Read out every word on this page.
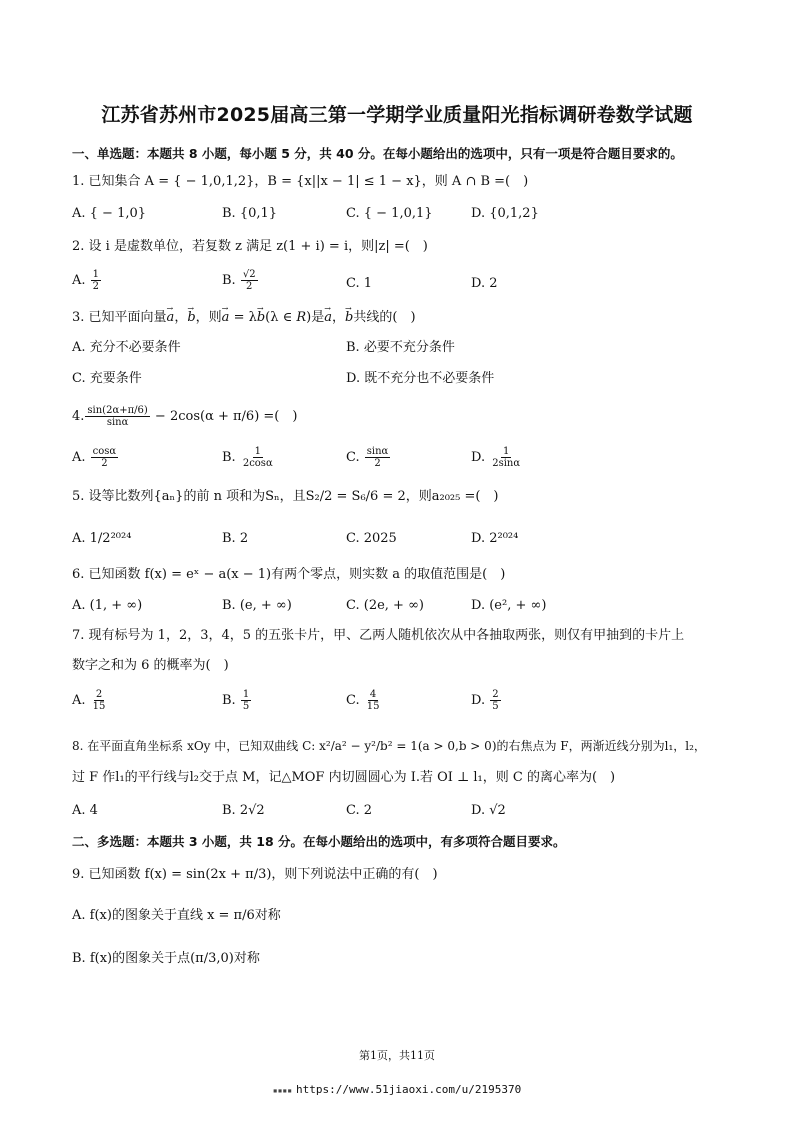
江苏省苏州市2025届高三第一学期学业质量阳光指标调研卷数学试题
一、单选题：本题共 8 小题，每小题 5 分，共 40 分。在每小题给出的选项中，只有一项是符合题目要求的。
1. 已知集合 A = { − 1,0,1,2}，B = {x||x − 1| ≤ 1 − x}，则 A ∩ B =(　)
A. { − 1,0}	B. {0,1}	C. { − 1,0,1}	D. {0,1,2}
2. 设 i 是虚数单位，若复数 z 满足 z(1 + i) = i，则|z| =(　)
A. $\frac{1}{2}$	B. $\frac{√2}{2}$	C. 1	D. 2
3. 已知平面向量→ a，→ b，则→ a = λ→ b(λ ∈ R)是→ a，→ b共线的(　)
A. 充分不必要条件	B. 必要不充分条件
C. 充要条件	D. 既不充分也不必要条件
4. $\frac{\sin(2\alpha+\pi/6)}{\sin\alpha} - 2\cos(\alpha + \pi/6)$ =(　)
A. $\frac{\cos\alpha}{2}$	B. $\frac{1}{2\cos\alpha}$	C. $\frac{\sin\alpha}{2}$	D. $\frac{1}{2\sin\alpha}$
5. 设等比数列{aₙ}的前 n 项和为Sₙ，且S₂/2 = S₆/6 = 2，则a₂₀₂₅ =(　)
A. 1/2²⁰²⁴	B. 2	C. 2025	D. 2²⁰²⁴
6. 已知函数 f(x) = eˣ − a(x − 1)有两个零点，则实数 a 的取值范围是(　)
A. (1, + ∞)	B. (e, + ∞)	C. (2e, + ∞)	D. (e², + ∞)
7. 现有标号为 1，2，3，4，5 的五张卡片，甲、乙两人随机依次从中各抽取两张，则仅有甲抽到的卡片上
数字之和为 6 的概率为(　)
A. $\frac{2}{15}$	B. $\frac{1}{5}$	C. $\frac{4}{15}$	D. $\frac{2}{5}$
8. 在平面直角坐标系 xOy 中，已知双曲线 C: x²/a² − y²/b² = 1(a > 0,b > 0)的右焦点为 F，两渐近线分别为l₁，l₂，
过 F 作l₁的平行线与l₂交于点 M，记△MOF 内切圆圆心为 I.若 OI ⊥ l₁，则 C 的离心率为(　)
A. 4	B. 2√2	C. 2	D. √2
二、多选题：本题共 3 小题，共 18 分。在每小题给出的选项中，有多项符合题目要求。
9. 已知函数 f(x) = sin(2x + π/3)，则下列说法中正确的有(　)
A. f(x)的图象关于直线 x = π/6对称
B. f(x)的图象关于点(π/3,0)对称
第1页，共11页
▪▪▪▪ https://www.51jiaoxi.com/u/2195370
